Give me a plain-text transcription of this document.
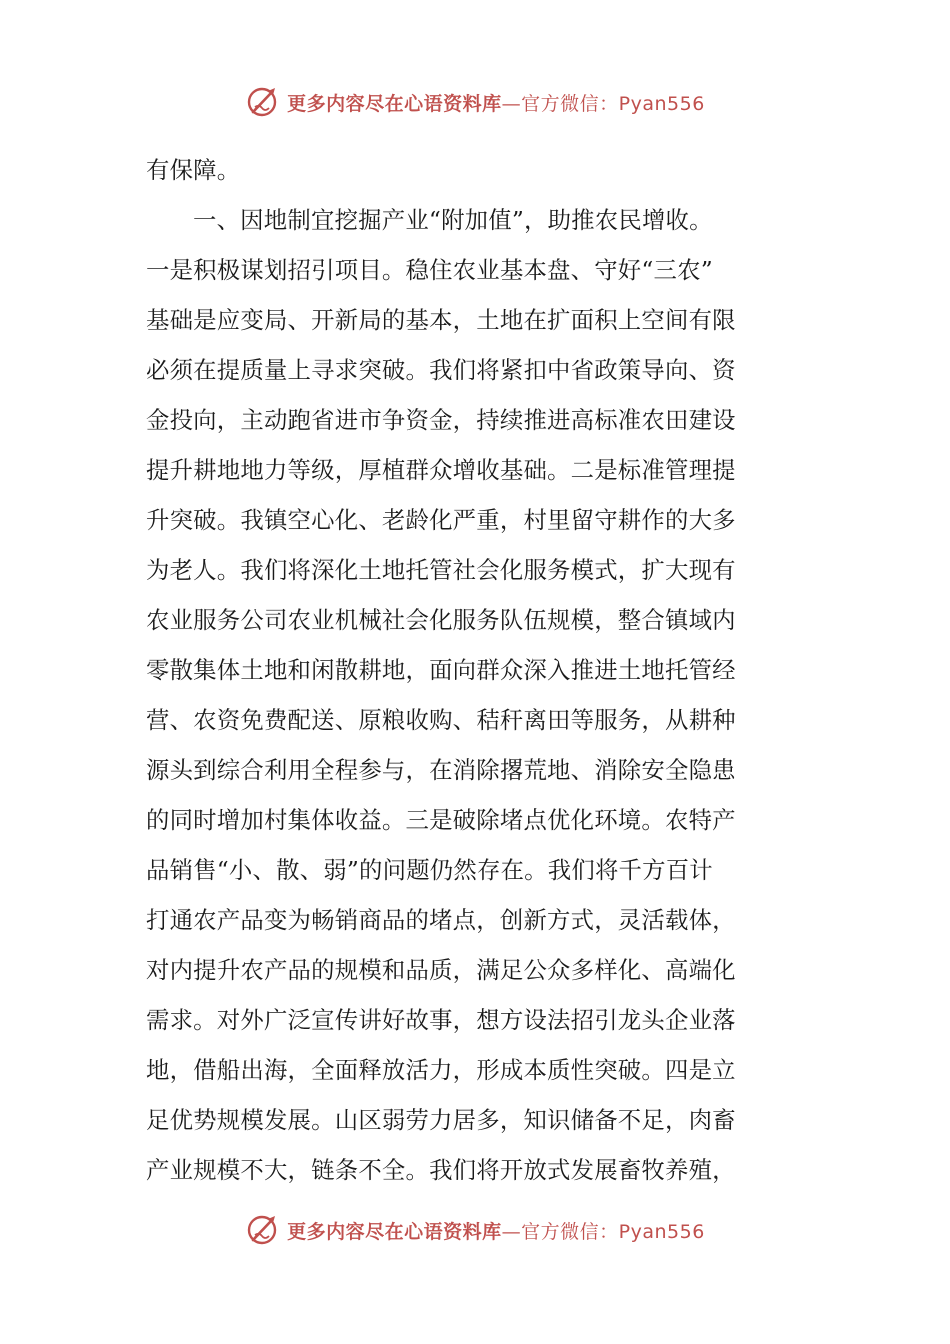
更多内容尽在心语资料库—官方微信：Pyan556
有保障。
一、因地制宜挖掘产业“附加值”，助推农民增收。
一是积极谋划招引项目。稳住农业基本盘、守好“三农”
基础是应变局、开新局的基本，土地在扩面积上空间有限
必须在提质量上寻求突破。我们将紧扣中省政策导向、资
金投向，主动跑省进市争资金，持续推进高标准农田建设
提升耕地地力等级，厚植群众增收基础。二是标准管理提
升突破。我镇空心化、老龄化严重，村里留守耕作的大多
为老人。我们将深化土地托管社会化服务模式，扩大现有
农业服务公司农业机械社会化服务队伍规模，整合镇域内
零散集体土地和闲散耕地，面向群众深入推进土地托管经
营、农资免费配送、原粮收购、秸秆离田等服务，从耕种
源头到综合利用全程参与，在消除撂荒地、消除安全隐患
的同时增加村集体收益。三是破除堵点优化环境。农特产
品销售“小、散、弱”的问题仍然存在。我们将千方百计
打通农产品变为畅销商品的堵点，创新方式，灵活载体，
对内提升农产品的规模和品质，满足公众多样化、高端化
需求。对外广泛宣传讲好故事，想方设法招引龙头企业落
地，借船出海，全面释放活力，形成本质性突破。四是立
足优势规模发展。山区弱劳力居多，知识储备不足，肉畜
产业规模不大，链条不全。我们将开放式发展畜牧养殖，
更多内容尽在心语资料库—官方微信：Pyan556
